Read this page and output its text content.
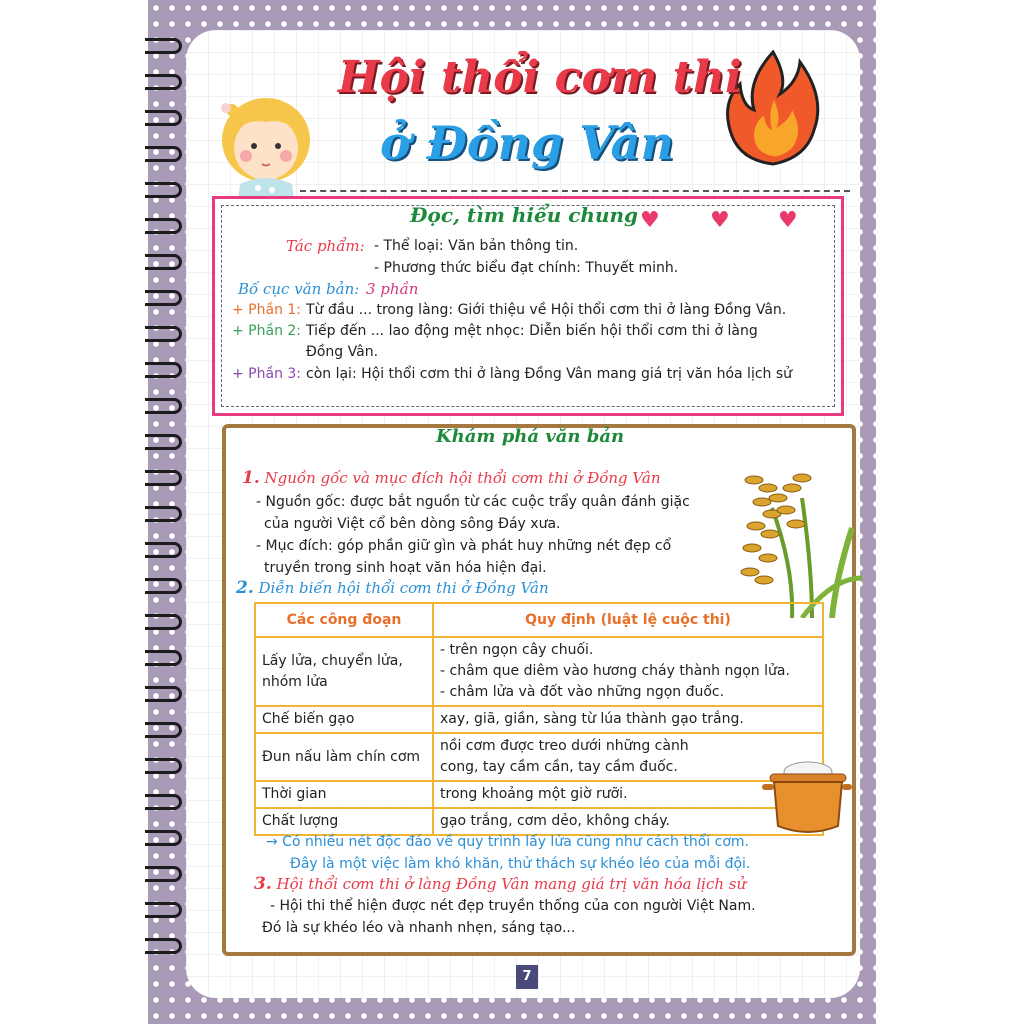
Hội thổi cơm thi
ở Đồng Vân
Đọc, tìm hiểu chung ♥ ♥ ♥
Tác phẩm: - Thể loại: Văn bản thông tin.
- Phương thức biểu đạt chính: Thuyết minh.
Bố cục văn bản: 3 phần
+ Phần 1: Từ đầu ... trong làng: Giới thiệu về Hội thổi cơm thi ở làng Đồng Vân.
+ Phần 2: Tiếp đến ... lao động mệt nhọc: Diễn biến hội thổi cơm thi ở làng
Đồng Vân.
+ Phần 3: còn lại: Hội thổi cơm thi ở làng Đồng Vân mang giá trị văn hóa lịch sử
Khám phá văn bản
1. Nguồn gốc và mục đích hội thổi cơm thi ở Đồng Vân
- Nguồn gốc: được bắt nguồn từ các cuộc trẩy quân đánh giặc
của người Việt cổ bên dòng sông Đáy xưa.
- Mục đích: góp phần giữ gìn và phát huy những nét đẹp cổ
truyền trong sinh hoạt văn hóa hiện đại.
2. Diễn biến hội thổi cơm thi ở Đồng Vân
Các công đoạn	Quy định (luật lệ cuộc thi)

Lấy lửa, chuyển lửa,
nhóm lửa	- trên ngọn cây chuối.
- châm que diêm vào hương cháy thành ngọn lửa.
- châm lửa và đốt vào những ngọn đuốc.

Chế biến gạo	xay, giã, giần, sàng từ lúa thành gạo trắng.

Đun nấu làm chín cơm	nồi cơm được treo dưới những cành
cong, tay cầm cần, tay cầm đuốc.

Thời gian	trong khoảng một giờ rưỡi.

Chất lượng	gạo trắng, cơm dẻo, không cháy.
→ Có nhiều nét độc đáo về quy trình lấy lửa cũng như cách thổi cơm.
Đây là một việc làm khó khăn, thử thách sự khéo léo của mỗi đội.
3. Hội thổi cơm thi ở làng Đồng Vân mang giá trị văn hóa lịch sử
- Hội thi thể hiện được nét đẹp truyền thống của con người Việt Nam.
Đó là sự khéo léo và nhanh nhẹn, sáng tạo...
7
